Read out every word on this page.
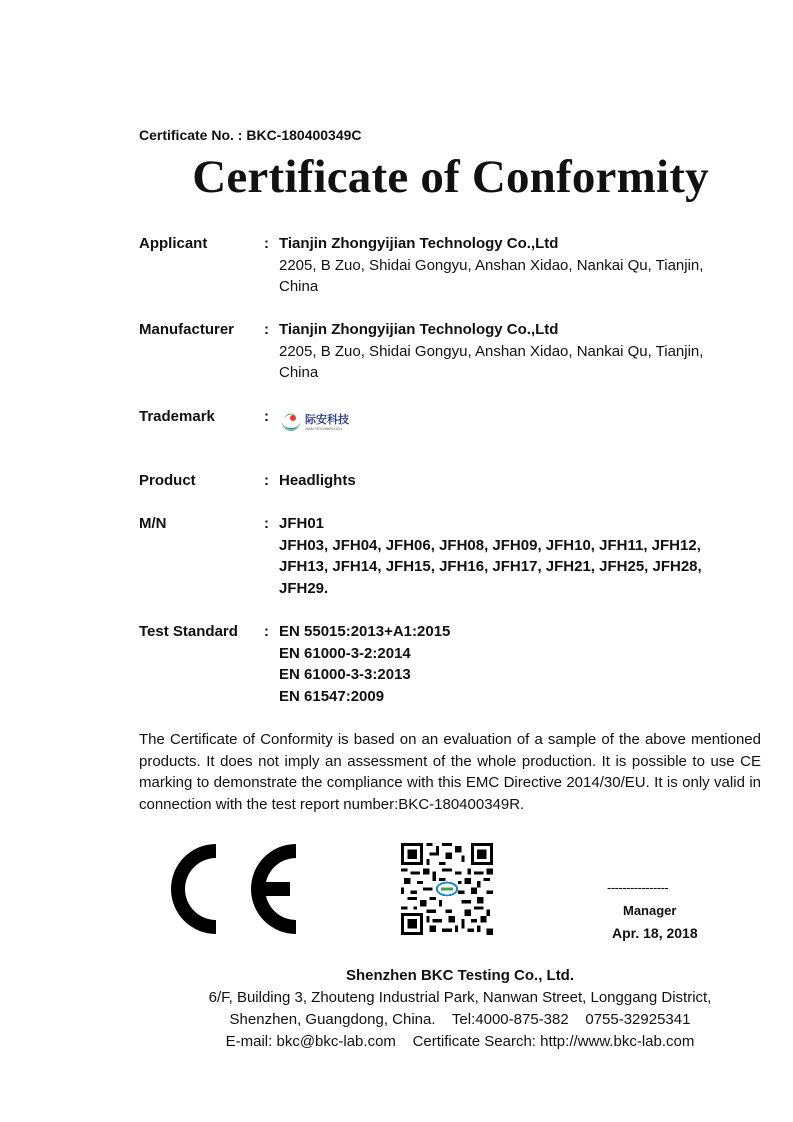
Certificate No. : BKC-180400349C
Certificate of Conformity
Applicant	: Tianjin Zhongyijian Technology Co.,Ltd
2205, B Zuo, Shidai Gongyu, Anshan Xidao, Nankai Qu, Tianjin,
China
Manufacturer	: Tianjin Zhongyijian Technology Co.,Ltd
2205, B Zuo, Shidai Gongyu, Anshan Xidao, Nankai Qu, Tianjin,
China
Trademark	:	际安科技
JIAN TECHNOLOGY
Product	: Headlights
M/N	: JFH01
JFH03, JFH04, JFH06, JFH08, JFH09, JFH10, JFH11, JFH12,
JFH13, JFH14, JFH15, JFH16, JFH17, JFH21, JFH25, JFH28,
JFH29.
Test Standard	: EN 55015:2013+A1:2015
EN 61000-3-2:2014
EN 61000-3-3:2013
EN 61547:2009
The Certificate of Conformity is based on an evaluation of a sample of the above mentioned products. It does not imply an assessment of the whole production. It is possible to use CE marking to demonstrate the compliance with this EMC Directive 2014/30/EU. It is only valid in connection with the test report number:BKC-180400349R.
----------------
Manager
Apr. 18, 2018
Shenzhen BKC Testing Co., Ltd.
6/F, Building 3, Zhouteng Industrial Park, Nanwan Street, Longgang District,
Shenzhen, Guangdong, China.    Tel:4000-875-382    0755-32925341
E-mail: bkc@bkc-lab.com    Certificate Search: http://www.bkc-lab.com
